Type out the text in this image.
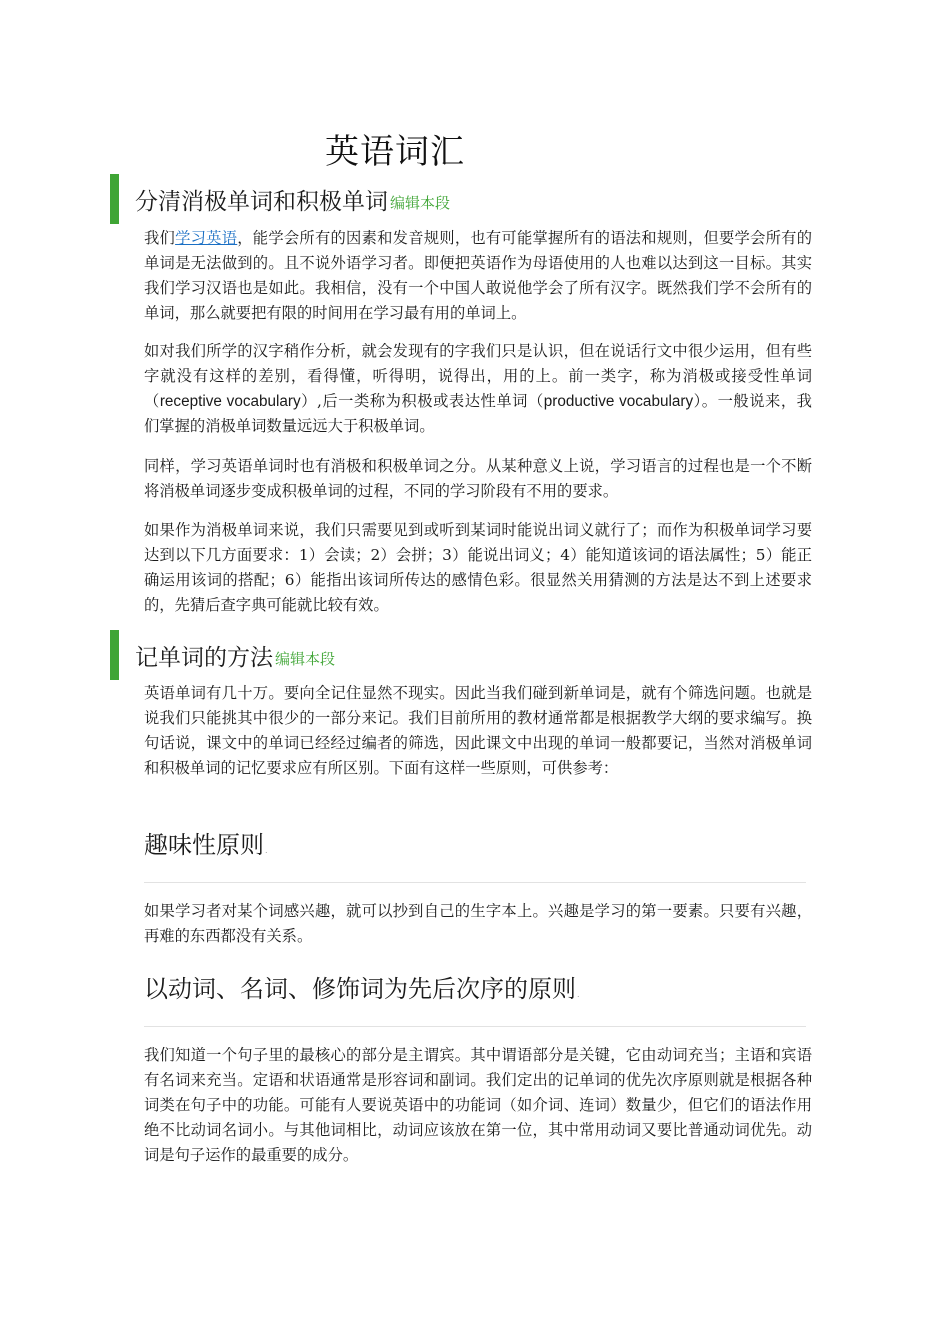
英语词汇
分清消极单词和积极单词 编辑本段

我们学习英语，能学会所有的因素和发音规则，也有可能掌握所有的语法和规则，但要学会所有的单词是无法做到的。且不说外语学习者。即便把英语作为母语使用的人也难以达到这一目标。其实我们学习汉语也是如此。我相信，没有一个中国人敢说他学会了所有汉字。既然我们学不会所有的单词，那么就要把有限的时间用在学习最有用的单词上。

如对我们所学的汉字稍作分析，就会发现有的字我们只是认识，但在说话行文中很少运用，但有些字就没有这样的差别，看得懂，听得明，说得出，用的上。前一类字，称为消极或接受性单词（receptive vocabulary）,后一类称为积极或表达性单词（productive vocabulary）。一般说来，我们掌握的消极单词数量远远大于积极单词。

同样，学习英语单词时也有消极和积极单词之分。从某种意义上说，学习语言的过程也是一个不断将消极单词逐步变成积极单词的过程，不同的学习阶段有不用的要求。

如果作为消极单词来说，我们只需要见到或听到某词时能说出词义就行了；而作为积极单词学习要达到以下几方面要求：1）会读；2）会拼；3）能说出词义；4）能知道该词的语法属性；5）能正确运用该词的搭配；6）能指出该词所传达的感情色彩。很显然关用猜测的方法是达不到上述要求的，先猜后查字典可能就比较有效。

记单词的方法 编辑本段

英语单词有几十万。要向全记住显然不现实。因此当我们碰到新单词是，就有个筛选问题。也就是说我们只能挑其中很少的一部分来记。我们目前所用的教材通常都是根据教学大纲的要求编写。换句话说，课文中的单词已经经过编者的筛选，因此课文中出现的单词一般都要记，当然对消极单词和积极单词的记忆要求应有所区别。下面有这样一些原则，可供参考：

趣味性原则.

如果学习者对某个词感兴趣，就可以抄到自己的生字本上。兴趣是学习的第一要素。只要有兴趣，再难的东西都没有关系。

以动词、名词、修饰词为先后次序的原则.

我们知道一个句子里的最核心的部分是主谓宾。其中谓语部分是关键，它由动词充当；主语和宾语有名词来充当。定语和状语通常是形容词和副词。我们定出的记单词的优先次序原则就是根据各种词类在句子中的功能。可能有人要说英语中的功能词（如介词、连词）数量少，但它们的语法作用绝不比动词名词小。与其他词相比，动词应该放在第一位，其中常用动词又要比普通动词优先。动词是句子运作的最重要的成分。
